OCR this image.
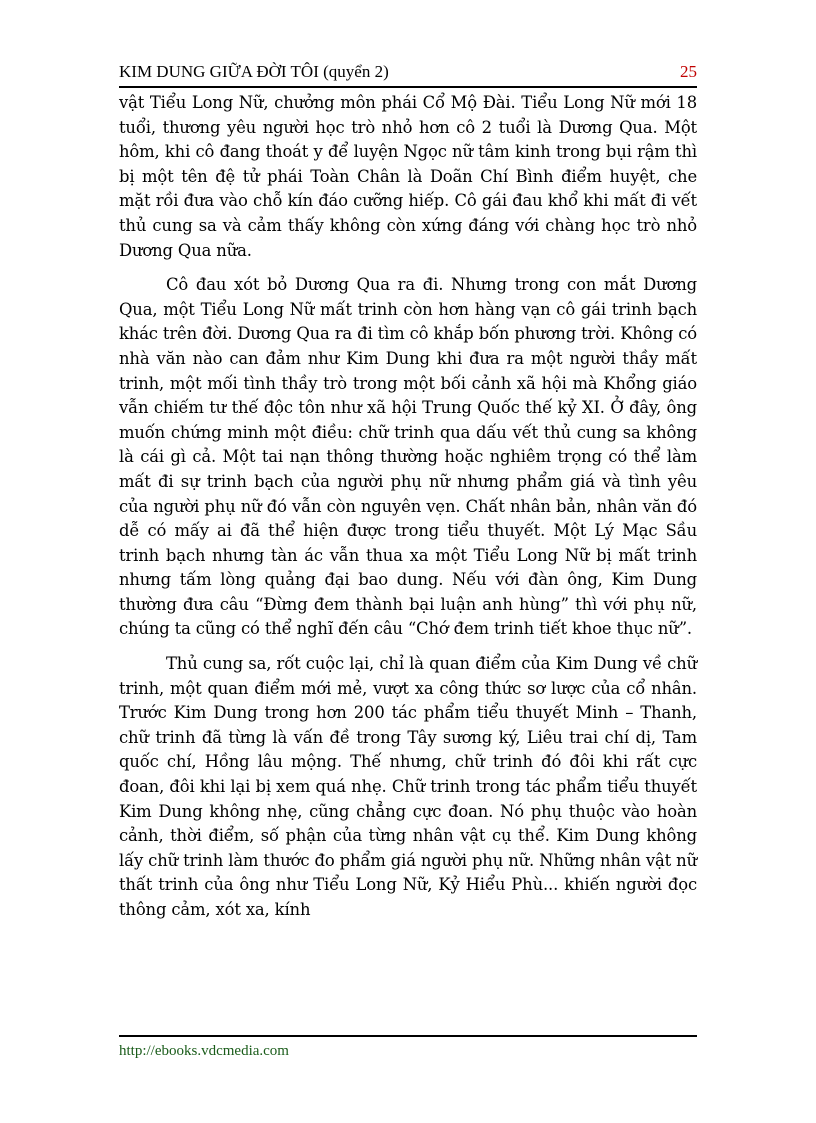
KIM DUNG GIỮA ĐỜI TÔI (quyển 2)	25

vật Tiểu Long Nữ, chưởng môn phái Cổ Mộ Đài. Tiểu Long Nữ mới 18 tuổi, thương yêu người học trò nhỏ hơn cô 2 tuổi là Dương Qua. Một hôm, khi cô đang thoát y để luyện Ngọc nữ tâm kinh trong bụi rậm thì bị một tên đệ tử phái Toàn Chân là Doãn Chí Bình điểm huyệt, che mặt rồi đưa vào chỗ kín đáo cưỡng hiếp. Cô gái đau khổ khi mất đi vết thủ cung sa và cảm thấy không còn xứng đáng với chàng học trò nhỏ Dương Qua nữa.

Cô đau xót bỏ Dương Qua ra đi. Nhưng trong con mắt Dương Qua, một Tiểu Long Nữ mất trinh còn hơn hàng vạn cô gái trinh bạch khác trên đời. Dương Qua ra đi tìm cô khắp bốn phương trời. Không có nhà văn nào can đảm như Kim Dung khi đưa ra một người thầy mất trinh, một mối tình thầy trò trong một bối cảnh xã hội mà Khổng giáo vẫn chiếm tư thế độc tôn như xã hội Trung Quốc thế kỷ XI. Ở đây, ông muốn chứng minh một điều: chữ trinh qua dấu vết thủ cung sa không là cái gì cả. Một tai nạn thông thường hoặc nghiêm trọng có thể làm mất đi sự trinh bạch của người phụ nữ nhưng phẩm giá và tình yêu của người phụ nữ đó vẫn còn nguyên vẹn. Chất nhân bản, nhân văn đó dễ có mấy ai đã thể hiện được trong tiểu thuyết. Một Lý Mạc Sầu trinh bạch nhưng tàn ác vẫn thua xa một Tiểu Long Nữ bị mất trinh nhưng tấm lòng quảng đại bao dung. Nếu với đàn ông, Kim Dung thường đưa câu “Đừng đem thành bại luận anh hùng” thì với phụ nữ, chúng ta cũng có thể nghĩ đến câu “Chớ đem trinh tiết khoe thục nữ”.

Thủ cung sa, rốt cuộc lại, chỉ là quan điểm của Kim Dung về chữ trinh, một quan điểm mới mẻ, vượt xa công thức sơ lược của cổ nhân. Trước Kim Dung trong hơn 200 tác phẩm tiểu thuyết Minh – Thanh, chữ trinh đã từng là vấn đề trong Tây sương ký, Liêu trai chí dị, Tam quốc chí, Hồng lâu mộng. Thế nhưng, chữ trinh đó đôi khi rất cực đoan, đôi khi lại bị xem quá nhẹ. Chữ trinh trong tác phẩm tiểu thuyết Kim Dung không nhẹ, cũng chẳng cực đoan. Nó phụ thuộc vào hoàn cảnh, thời điểm, số phận của từng nhân vật cụ thể. Kim Dung không lấy chữ trinh làm thước đo phẩm giá người phụ nữ. Những nhân vật nữ thất trinh của ông như Tiểu Long Nữ, Kỷ Hiểu Phù... khiến người đọc thông cảm, xót xa, kính

http://ebooks.vdcmedia.com
